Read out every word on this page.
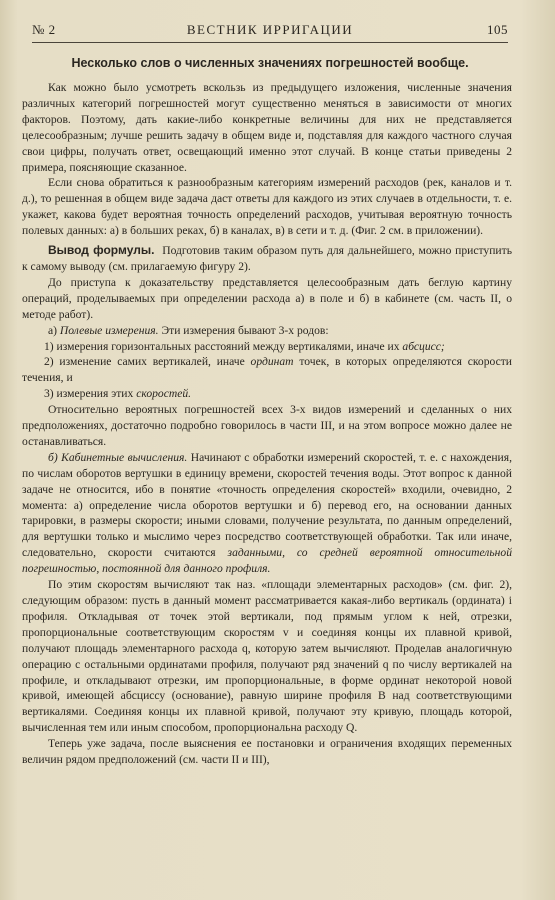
№ 2	ВЕСТНИК ИРРИГАЦИИ	105
Несколько слов о численных значениях погрешностей вообще.

Как можно было усмотреть вскользь из предыдущего изложения, численные значения различных категорий погрешностей могут существенно меняться в зависимости от многих факторов. Поэтому, дать какие-либо конкретные величины для них не представляется целесообразным; лучше решить задачу в общем виде и, подставляя для каждого частного случая свои цифры, получать ответ, освещающий именно этот случай. В конце статьи приведены 2 примера, поясняющие сказанное.

Если снова обратиться к разнообразным категориям измерений расходов (рек, каналов и т. д.), то решенная в общем виде задача даст ответы для каждого из этих случаев в отдельности, т. е. укажет, какова будет вероятная точность определений расходов, учитывая вероятную точность полевых данных: а) в больших реках, б) в каналах, в) в сети и т. д. (Фиг. 2 см. в приложении).

Вывод формулы. Подготовив таким образом путь для дальнейшего, можно приступить к самому выводу (см. прилагаемую фигуру 2).

До приступа к доказательству представляется целесообразным дать беглую картину операций, проделываемых при определении расхода а) в поле и б) в кабинете (см. часть II, о методе работ).

а) Полевые измерения. Эти измерения бывают 3-х родов:

1) измерения горизонтальных расстояний между вертикалями, иначе их абсцисс;

2) изменение самих вертикалей, иначе ординат точек, в которых определяются скорости течения, и

3) измерения этих скоростей.

Относительно вероятных погрешностей всех 3-х видов измерений и сделанных о них предположениях, достаточно подробно говорилось в части III, и на этом вопросе можно далее не останавливаться.

б) Кабинетные вычисления. Начинают с обработки измерений скоростей, т. е. с нахождения, по числам оборотов вертушки в единицу времени, скоростей течения воды. Этот вопрос к данной задаче не относится, ибо в понятие «точность определения скоростей» входили, очевидно, 2 момента: а) определение числа оборотов вертушки и б) перевод его, на основании данных тарировки, в размеры скорости; иными словами, получение результата, по данным определений, для вертушки только и мыслимо через посредство соответствующей обработки. Так или иначе, следовательно, скорости считаются заданными, со средней вероятной относительной погрешностью, постоянной для данного профиля.

По этим скоростям вычисляют так наз. «площади элементарных расходов» (см. фиг. 2), следующим образом: пусть в данный момент рассматривается какая-либо вертикаль (ордината) i профиля. Откладывая от точек этой вертикали, под прямым углом к ней, отрезки, пропорциональные соответствующим скоростям v и соединяя концы их плавной кривой, получают площадь элементарного расхода q, которую затем вычисляют. Проделав аналогичную операцию с остальными ординатами профиля, получают ряд значений q по числу вертикалей на профиле, и откладывают отрезки, им пропорциональные, в форме ординат некоторой новой кривой, имеющей абсциссу (основание), равную ширине профиля B над соответствующими вертикалями. Соединяя концы их плавной кривой, получают эту кривую, площадь которой, вычисленная тем или иным способом, пропорциональна расходу Q.

Теперь уже задача, после выяснения ее постановки и ограничения входящих переменных величин рядом предположений (см. части II и III),
